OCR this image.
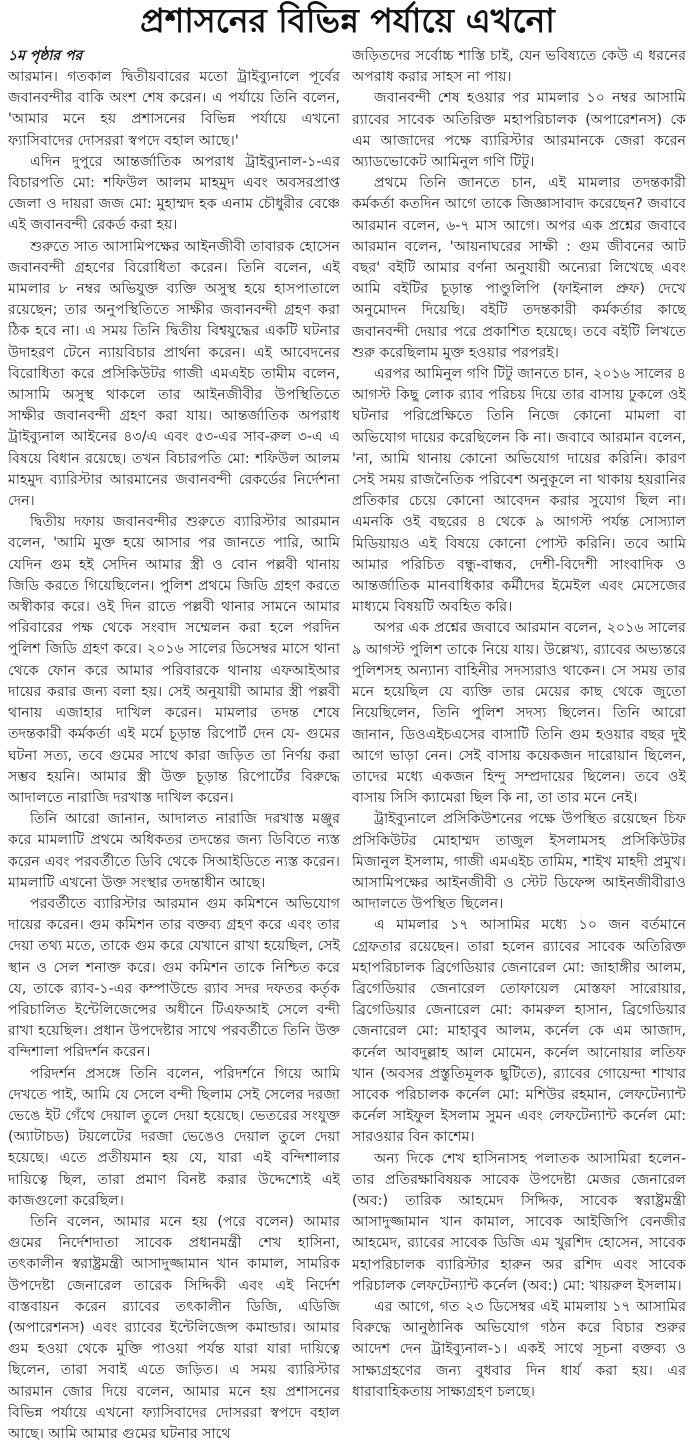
প্রশাসনের বিভিন্ন পর্যায়ে এখনো
১ম পৃষ্ঠার পর

আরমান। গতকাল দ্বিতীয়বারের মতো ট্রাইব্যুনালে পূর্বের জবানবন্দীর বাকি অংশ শেষ করেন। এ পর্যায়ে তিনি বলেন, 'আমার মনে হয় প্রশাসনের বিভিন্ন পর্যায়ে এখনো ফ্যাসিবাদের দোসররা স্বপদে বহাল আছে।'

এদিন দুপুরে আন্তর্জাতিক অপরাধ ট্রাইব্যুনাল-১-এর বিচারপতি মো: শফিউল আলম মাহমুদ এবং অবসরপ্রাপ্ত জেলা ও দায়রা জজ মো: মুহাম্মদ হক এনাম চৌধুরীর বেঞ্চে এই জবানবন্দী রেকর্ড করা হয়।

শুরুতে সাত আসামিপক্ষের আইনজীবী তাবারক হোসেন জবানবন্দী গ্রহণের বিরোধিতা করেন। তিনি বলেন, এই মামলার ৮ নম্বর অভিযুক্ত ব্যক্তি অসুস্থ হয়ে হাসপাতালে রয়েছেন; তার অনুপস্থিতিতে সাক্ষীর জবানবন্দী গ্রহণ করা ঠিক হবে না। এ সময় তিনি দ্বিতীয় বিশ্বযুদ্ধের একটি ঘটনার উদাহরণ টেনে ন্যায়বিচার প্রার্থনা করেন। এই আবেদনের বিরোধিতা করে প্রসিকিউটর গাজী এমএইচ তামীম বলেন, আসামি অসুস্থ থাকলে তার আইনজীবীর উপস্থিতিতে সাক্ষীর জবানবন্দী গ্রহণ করা যায়। আন্তর্জাতিক অপরাধ ট্রাইব্যুনাল আইনের ৪৩/এ এবং ৫৩-এর সাব-রুল ৩-এ এ বিষয়ে বিধান রয়েছে। তখন বিচারপতি মো: শফিউল আলম মাহমুদ ব্যারিস্টার আরমানের জবানবন্দী রেকর্ডের নির্দেশনা দেন।

দ্বিতীয় দফায় জবানবন্দীর শুরুতে ব্যারিস্টার আরমান বলেন, 'আমি মুক্ত হয়ে আসার পর জানতে পারি, আমি যেদিন গুম হই সেদিন আমার স্ত্রী ও বোন পল্লবী থানায় জিডি করতে গিয়েছিলেন। পুলিশ প্রথমে জিডি গ্রহণ করতে অস্বীকার করে। ওই দিন রাতে পল্লবী থানার সামনে আমার পরিবারের পক্ষ থেকে সংবাদ সম্মেলন করা হলে পরদিন পুলিশ জিডি গ্রহণ করে। ২০১৬ সালের ডিসেম্বর মাসে থানা থেকে ফোন করে আমার পরিবারকে থানায় এফআইআর দায়ের করার জন্য বলা হয়। সেই অনুযায়ী আমার স্ত্রী পল্লবী থানায় এজাহার দাখিল করেন। মামলার তদন্ত শেষে তদন্তকারী কর্মকর্তা এই মর্মে চূড়ান্ত রিপোর্ট দেন যে- গুমের ঘটনা সত্য, তবে গুমের সাথে কারা জড়িত তা নির্ণয় করা সম্ভব হয়নি। আমার স্ত্রী উক্ত চূড়ান্ত রিপোর্টের বিরুদ্ধে আদালতে নারাজি দরখাস্ত দাখিল করেন।

তিনি আরো জানান, আদালত নারাজি দরখাস্ত মঞ্জুর করে মামলাটি প্রথমে অধিকতর তদন্তের জন্য ডিবিতে ন্যস্ত করেন এবং পরবর্তীতে ডিবি থেকে সিআইডিতে ন্যস্ত করেন। মামলাটি এখনো উক্ত সংস্থার তদন্তাধীন আছে।

পরবর্তীতে ব্যারিস্টার আরমান গুম কমিশনে অভিযোগ দায়ের করেন। গুম কমিশন তার বক্তব্য গ্রহণ করে এবং তার দেয়া তথ্য মতে, তাকে গুম করে যেখানে রাখা হয়েছিল, সেই স্থান ও সেল শনাক্ত করে। গুম কমিশন তাকে নিশ্চিত করে যে, তাকে র‍্যাব-১-এর কম্পাউন্ডে র‍্যাব সদর দফতর কর্তৃক পরিচালিত ইন্টেলিজেন্সের অধীনে টিএফআই সেলে বন্দী রাখা হয়েছিল। প্রধান উপদেষ্টার সাথে পরবর্তীতে তিনি উক্ত বন্দিশালা পরিদর্শন করেন।

পরিদর্শন প্রসঙ্গে তিনি বলেন, পরিদর্শনে গিয়ে আমি দেখতে পাই, আমি যে সেলে বন্দী ছিলাম সেই সেলের দরজা ভেঙে ইট গেঁথে দেয়াল তুলে দেয়া হয়েছে। ভেতরের সংযুক্ত (অ্যাটাচড) টয়লেটের দরজা ভেঙেও দেয়াল তুলে দেয়া হয়েছে। এতে প্রতীয়মান হয় যে, যারা এই বন্দিশালার দায়িত্বে ছিল, তারা প্রমাণ বিনষ্ট করার উদ্দেশ্যেই এই কাজগুলো করেছিল।

তিনি বলেন, আমার মনে হয় (পরে বলেন) আমার গুমের নির্দেশদাতা সাবেক প্রধানমন্ত্রী শেখ হাসিনা, তৎকালীন স্বরাষ্ট্রমন্ত্রী আসাদুজ্জামান খান কামাল, সামরিক উপদেষ্টা জেনারেল তারেক সিদ্দিকী এবং এই নির্দেশ বাস্তবায়ন করেন র‍্যাবের তৎকালীন ডিজি, এডিজি (অপারেশনস) এবং র‍্যাবের ইন্টেলিজেন্স কমান্ডার। আমার গুম হওয়া থেকে মুক্তি পাওয়া পর্যন্ত যারা যারা দায়িত্বে ছিলেন, তারা সবাই এতে জড়িত। এ সময় ব্যারিস্টার আরমান জোর দিয়ে বলেন, আমার মনে হয় প্রশাসনের বিভিন্ন পর্যায়ে এখনো ফ্যাসিবাদের দোসররা স্বপদে বহাল আছে। আমি আমার গুমের ঘটনার সাথে

জড়িতদের সর্বোচ্চ শাস্তি চাই, যেন ভবিষ্যতে কেউ এ ধরনের অপরাধ করার সাহস না পায়।

জবানবন্দী শেষ হওয়ার পর মামলার ১০ নম্বর আসামি র‍্যাবের সাবেক অতিরিক্ত মহাপরিচালক (অপারেশনস) কে এম আজাদের পক্ষে ব্যারিস্টার আরমানকে জেরা করেন অ্যাডভোকেট আমিনুল গণি টিটু।

প্রথমে তিনি জানতে চান, এই মামলার তদন্তকারী কর্মকর্তা কতদিন আগে তাকে জিজ্ঞাসাবাদ করেছেন? জবাবে আরমান বলেন, ৬-৭ মাস আগে। অপর এক প্রশ্নের জবাবে আরমান বলেন, 'আয়নাঘরের সাক্ষী : গুম জীবনের আট বছর' বইটি আমার বর্ণনা অনুযায়ী অন্যেরা লিখেছে এবং আমি বইটির চূড়ান্ত পাণ্ডুলিপি (ফাইনাল প্রুফ) দেখে অনুমোদন দিয়েছি। বইটি তদন্তকারী কর্মকর্তার কাছে জবানবন্দী দেয়ার পরে প্রকাশিত হয়েছে। তবে বইটি লিখতে শুরু করেছিলাম মুক্ত হওয়ার পরপরই।

এরপর আমিনুল গণি টিটু জানতে চান, ২০১৬ সালের ৪ আগস্ট কিছু লোক র‍্যাব পরিচয় দিয়ে তার বাসায় ঢুকলে ওই ঘটনার পরিপ্রেক্ষিতে তিনি নিজে কোনো মামলা বা অভিযোগ দায়ের করেছিলেন কি না। জবাবে আরমান বলেন, 'না, আমি থানায় কোনো অভিযোগ দায়ের করিনি। কারণ সেই সময় রাজনৈতিক পরিবেশ অনুকূলে না থাকায় হয়রানির প্রতিকার চেয়ে কোনো আবেদন করার সুযোগ ছিল না। এমনকি ওই বছরের ৪ থেকে ৯ আগস্ট পর্যন্ত সোস্যাল মিডিয়ায়ও এই বিষয়ে কোনো পোস্ট করিনি। তবে আমি আমার পরিচিত বন্ধু-বান্ধব, দেশী-বিদেশী সাংবাদিক ও আন্তর্জাতিক মানবাধিকার কর্মীদের ইমেইল এবং মেসেজের মাধ্যমে বিষয়টি অবহিত করি।

অপর এক প্রশ্নের জবাবে আরমান বলেন, ২০১৬ সালের ৯ আগস্ট পুলিশ তাকে নিয়ে যায়। উল্লেখ্য, র‍্যাবের অভ্যন্তরে পুলিশসহ অন্যান্য বাহিনীর সদস্যরাও থাকেন। সে সময় তার মনে হয়েছিল যে ব্যক্তি তার মেয়ের কাছ থেকে জুতো নিয়েছিলেন, তিনি পুলিশ সদস্য ছিলেন। তিনি আরো জানান, ডিওএইচএসের বাসাটি তিনি গুম হওয়ার বছর দুই আগে ভাড়া নেন। সেই বাসায় কয়েকজন দারোয়ান ছিলেন, তাদের মধ্যে একজন হিন্দু সম্প্রদায়ের ছিলেন। তবে ওই বাসায় সিসি ক্যামেরা ছিল কি না, তা তার মনে নেই।

ট্রাইব্যুনালে প্রসিকিউশনের পক্ষে উপস্থিত রয়েছেন চিফ প্রসিকিউটর মোহাম্মদ তাজুল ইসলামসহ প্রসিকিউটর মিজানুল ইসলাম, গাজী এমএইচ তামিম, শাইখ মাহদী প্রমুখ। আসামিপক্ষের আইনজীবী ও স্টেট ডিফেন্স আইনজীবীরাও আদালতে উপস্থিত ছিলেন।

এ মামলার ১৭ আসামির মধ্যে ১০ জন বর্তমানে গ্রেফতার রয়েছেন। তারা হলেন র‍্যাবের সাবেক অতিরিক্ত মহাপরিচালক ব্রিগেডিয়ার জেনারেল মো: জাহাঙ্গীর আলম, ব্রিগেডিয়ার জেনারেল তোফায়েল মোস্তফা সারোয়ার, ব্রিগেডিয়ার জেনারেল মো: কামরুল হাসান, ব্রিগেডিয়ার জেনারেল মো: মাহাবুব আলম, কর্নেল কে এম আজাদ, কর্নেল আবদুল্লাহ আল মোমেন, কর্নেল আনোয়ার লতিফ খান (অবসর প্রস্তুতিমূলক ছুটিতে), র‍্যাবের গোয়েন্দা শাখার সাবেক পরিচালক কর্নেল মো: মশিউর রহমান, লেফটেন্যান্ট কর্নেল সাইফুল ইসলাম সুমন এবং লেফটেন্যান্ট কর্নেল মো: সারওয়ার বিন কাশেম।

অন্য দিকে শেখ হাসিনাসহ পলাতক আসামিরা হলেন- তার প্রতিরক্ষাবিষয়ক সাবেক উপদেষ্টা মেজর জেনারেল (অব:) তারিক আহমেদ সিদ্দিক, সাবেক স্বরাষ্ট্রমন্ত্রী আসাদুজ্জামান খান কামাল, সাবেক আইজিপি বেনজীর আহমেদ, র‍্যাবের সাবেক ডিজি এম খুরশিদ হোসেন, সাবেক মহাপরিচালক ব্যারিস্টার হারুন অর রশিদ এবং সাবেক পরিচালক লেফটেন্যান্ট কর্নেল (অব:) মো: খায়রুল ইসলাম।

এর আগে, গত ২৩ ডিসেম্বর এই মামলায় ১৭ আসামির বিরুদ্ধে আনুষ্ঠানিক অভিযোগ গঠন করে বিচার শুরুর আদেশ দেন ট্রাইব্যুনাল-১। একই সাথে সূচনা বক্তব্য ও সাক্ষ্যগ্রহণের জন্য বুধবার দিন ধার্য করা হয়। এর ধারাবাহিকতায় সাক্ষ্যগ্রহণ চলছে।
